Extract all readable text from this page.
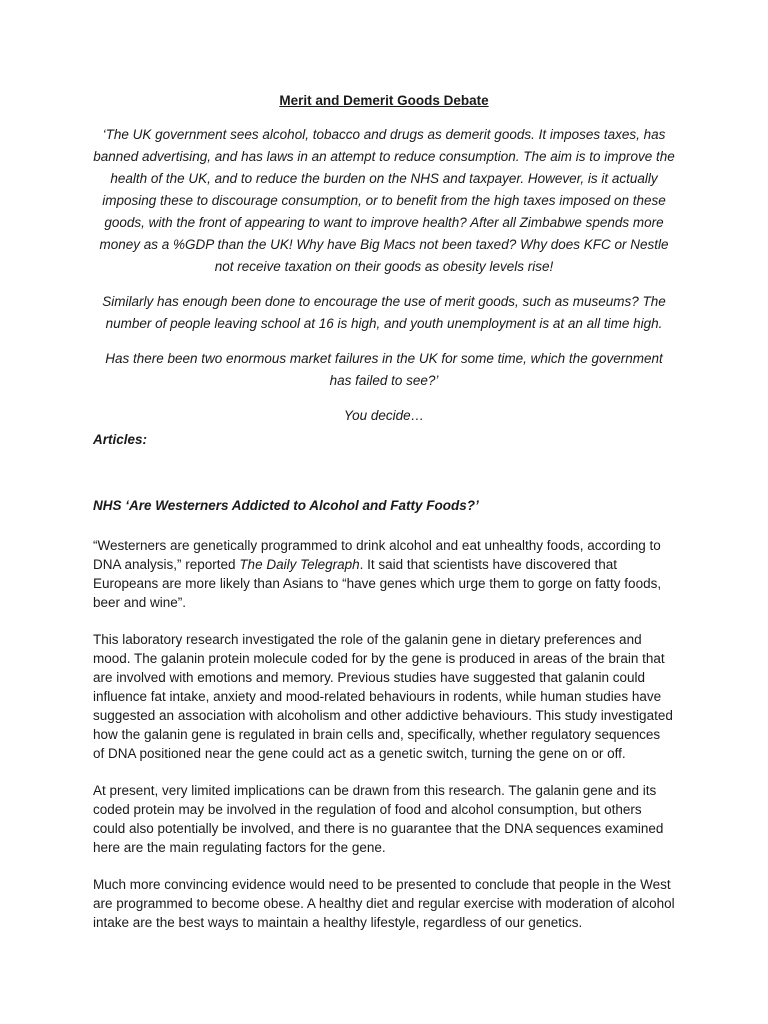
Merit and Demerit Goods Debate

‘The UK government sees alcohol, tobacco and drugs as demerit goods. It imposes taxes, has banned advertising, and has laws in an attempt to reduce consumption. The aim is to improve the health of the UK, and to reduce the burden on the NHS and taxpayer. However, is it actually imposing these to discourage consumption, or to benefit from the high taxes imposed on these goods, with the front of appearing to want to improve health? After all Zimbabwe spends more money as a %GDP than the UK! Why have Big Macs not been taxed? Why does KFC or Nestle not receive taxation on their goods as obesity levels rise!

Similarly has enough been done to encourage the use of merit goods, such as museums? The number of people leaving school at 16 is high, and youth unemployment is at an all time high.

Has there been two enormous market failures in the UK for some time, which the government has failed to see?’

You decide…

Articles:

NHS ‘Are Westerners Addicted to Alcohol and Fatty Foods?’

“Westerners are genetically programmed to drink alcohol and eat unhealthy foods, according to DNA analysis,” reported The Daily Telegraph. It said that scientists have discovered that Europeans are more likely than Asians to “have genes which urge them to gorge on fatty foods, beer and wine”.

This laboratory research investigated the role of the galanin gene in dietary preferences and mood. The galanin protein molecule coded for by the gene is produced in areas of the brain that are involved with emotions and memory. Previous studies have suggested that galanin could influence fat intake, anxiety and mood-related behaviours in rodents, while human studies have suggested an association with alcoholism and other addictive behaviours. This study investigated how the galanin gene is regulated in brain cells and, specifically, whether regulatory sequences of DNA positioned near the gene could act as a genetic switch, turning the gene on or off.

At present, very limited implications can be drawn from this research. The galanin gene and its coded protein may be involved in the regulation of food and alcohol consumption, but others could also potentially be involved, and there is no guarantee that the DNA sequences examined here are the main regulating factors for the gene.

Much more convincing evidence would need to be presented to conclude that people in the West are programmed to become obese. A healthy diet and regular exercise with moderation of alcohol intake are the best ways to maintain a healthy lifestyle, regardless of our genetics.
